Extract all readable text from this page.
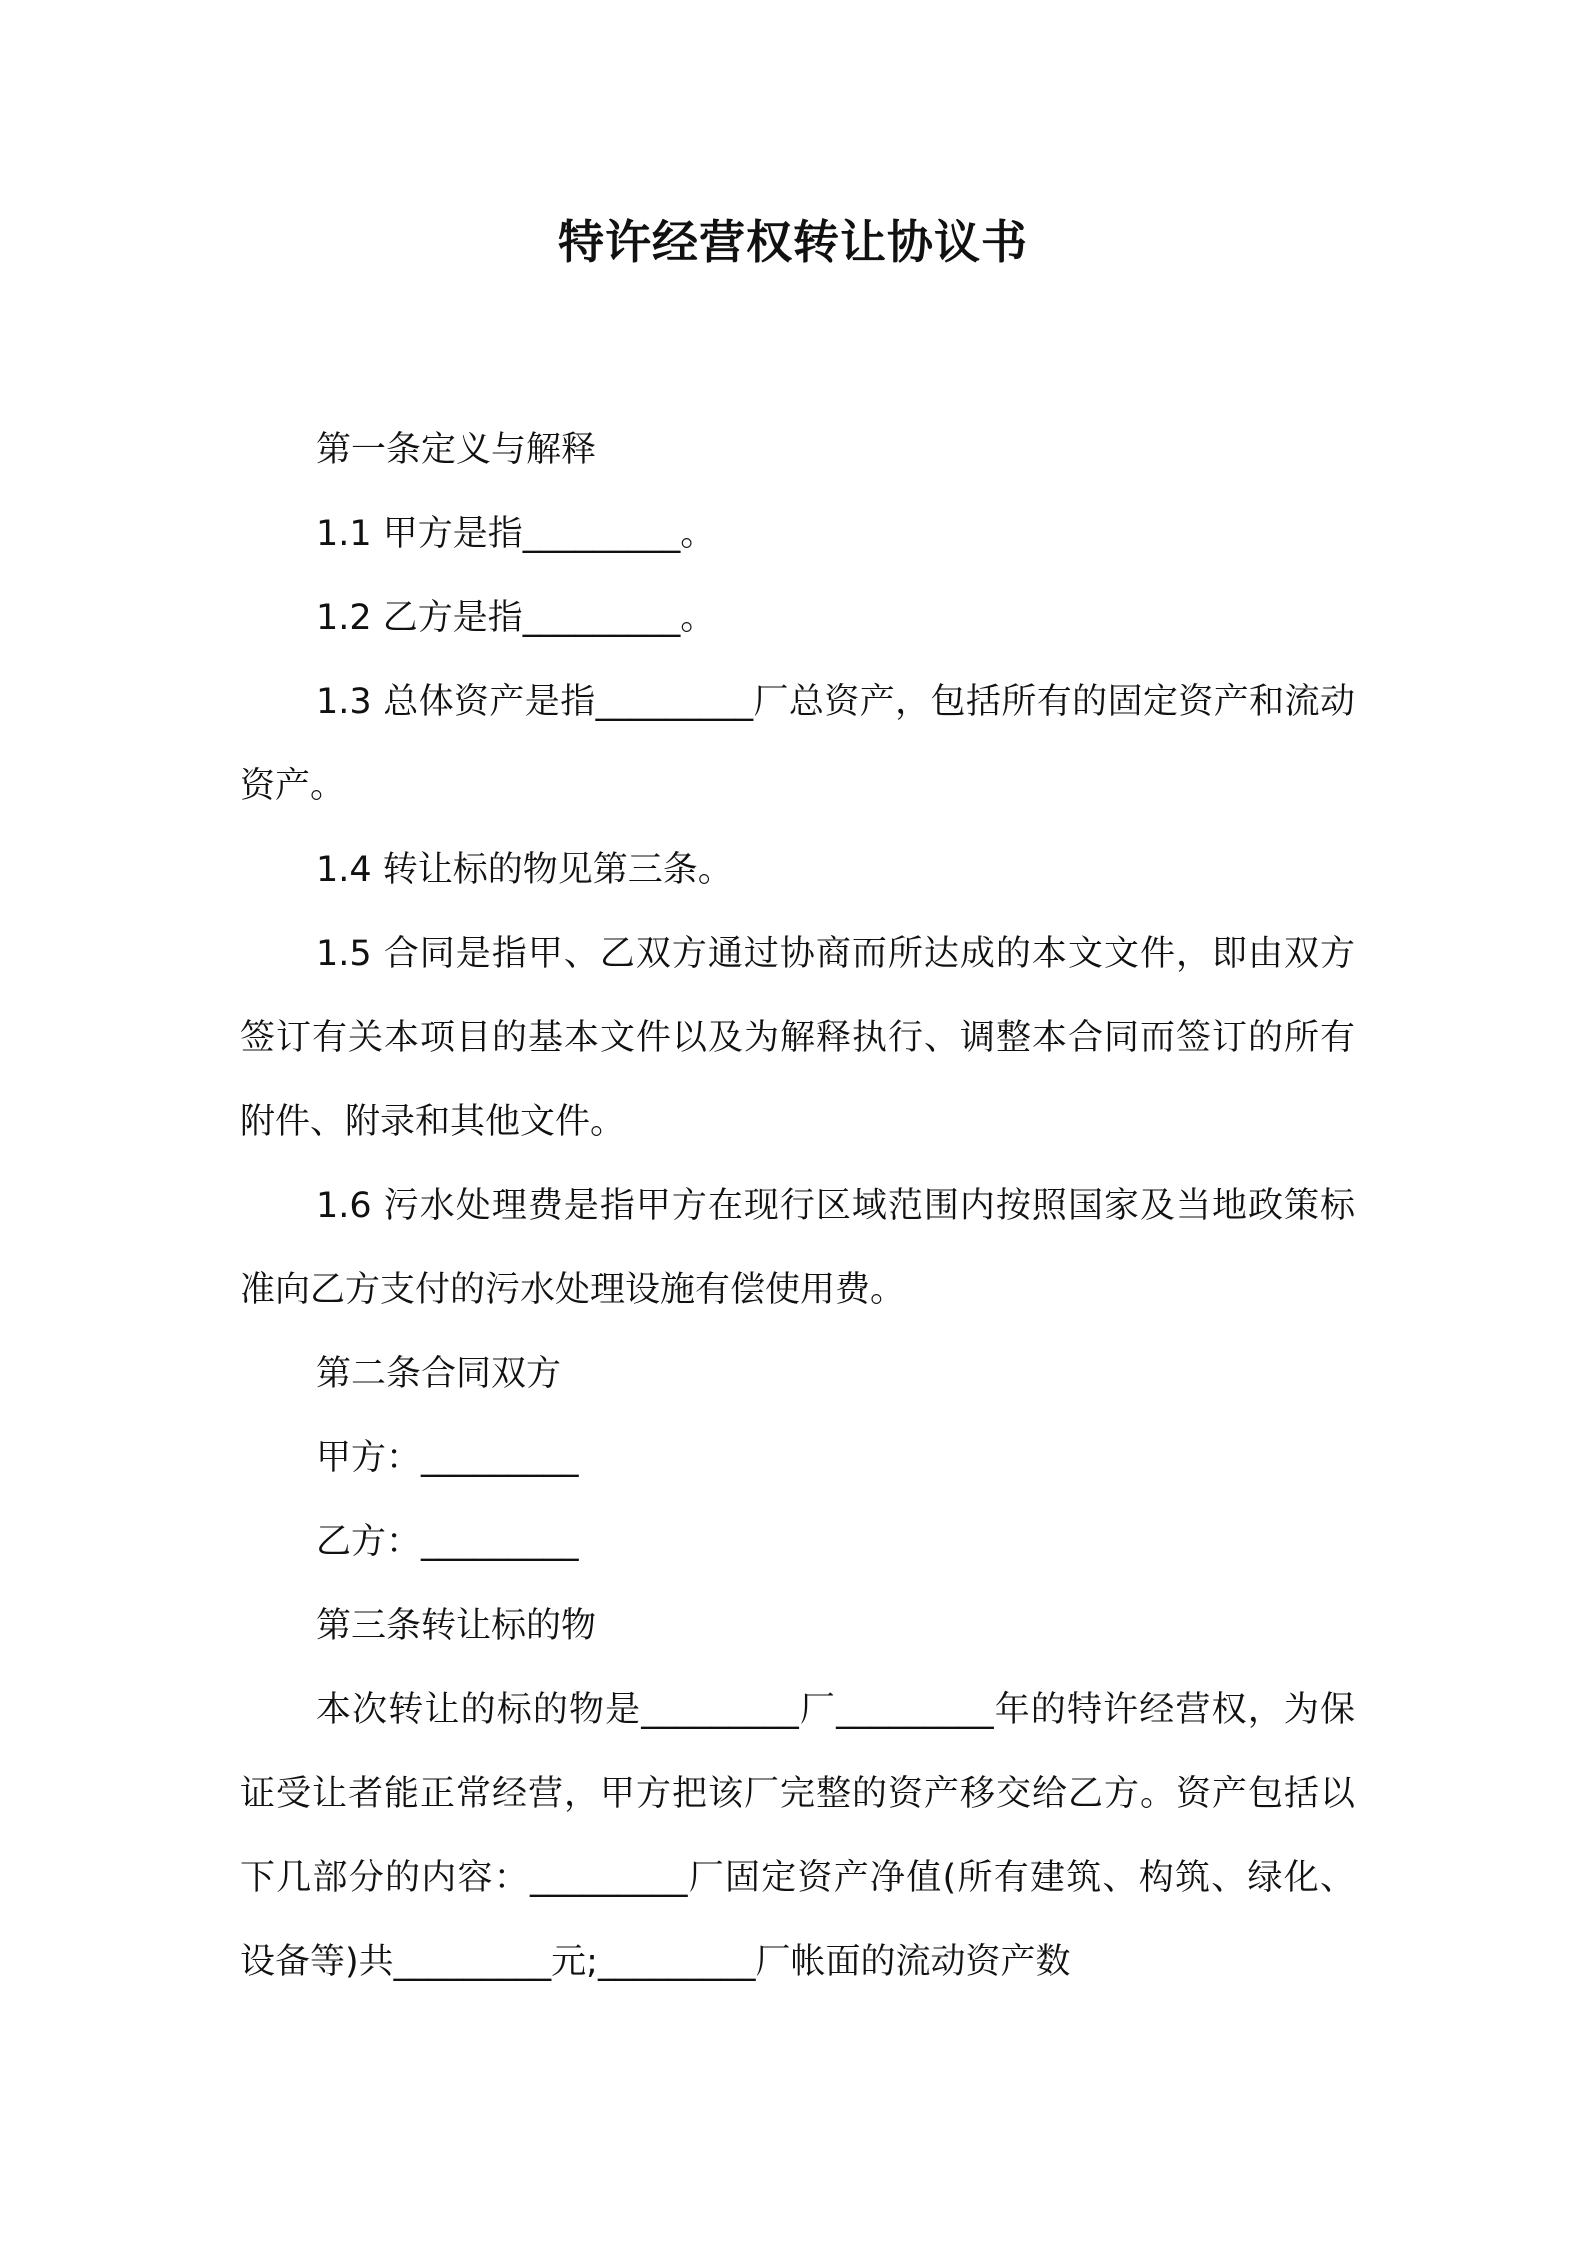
特许经营权转让协议书

第一条定义与解释

1.1 甲方是指_________。

1.2 乙方是指_________。

1.3 总体资产是指_________厂总资产，包括所有的固定资产和流动资产。

1.4 转让标的物见第三条。

1.5 合同是指甲、乙双方通过协商而所达成的本文文件，即由双方签订有关本项目的基本文件以及为解释执行、调整本合同而签订的所有附件、附录和其他文件。

1.6 污水处理费是指甲方在现行区域范围内按照国家及当地政策标准向乙方支付的污水处理设施有偿使用费。

第二条合同双方

甲方：_________

乙方：_________

第三条转让标的物

本次转让的标的物是_________厂_________年的特许经营权，为保证受让者能正常经营，甲方把该厂完整的资产移交给乙方。资产包括以下几部分的内容：_________厂固定资产净值(所有建筑、构筑、绿化、设备等)共_________元;_________厂帐面的流动资产数
